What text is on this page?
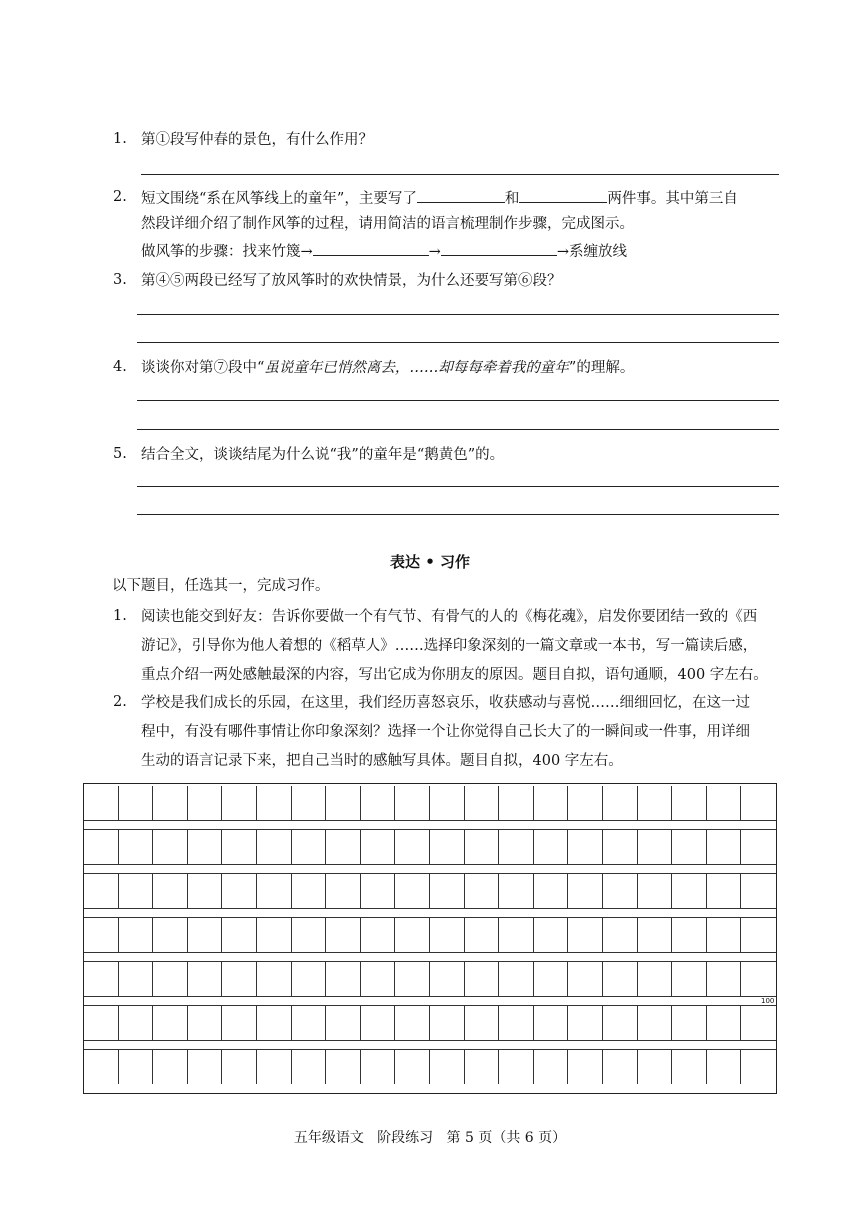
1. 第①段写仲春的景色，有什么作用？
2. 短文围绕“系在风筝线上的童年”，主要写了	和	两件事。其中第三自
然段详细介绍了制作风筝的过程，请用简洁的语言梳理制作步骤，完成图示。
做风筝的步骤：找来竹篾→	→	→系缠放线
3. 第④⑤两段已经写了放风筝时的欢快情景，为什么还要写第⑥段？
4. 谈谈你对第⑦段中“虽说童年已悄然离去，……却每每牵着我的童年”的理解。
5. 结合全文，谈谈结尾为什么说“我”的童年是“鹅黄色”的。
表达 • 习作
以下题目，任选其一，完成习作。
1. 阅读也能交到好友：告诉你要做一个有气节、有骨气的人的《梅花魂》，启发你要团结一致的《西
游记》，引导你为他人着想的《稻草人》……选择印象深刻的一篇文章或一本书，写一篇读后感，
重点介绍一两处感触最深的内容，写出它成为你朋友的原因。题目自拟，语句通顺，400 字左右。
2. 学校是我们成长的乐园，在这里，我们经历喜怒哀乐，收获感动与喜悦……细细回忆，在这一过
程中，有没有哪件事情让你印象深刻？选择一个让你觉得自己长大了的一瞬间或一件事，用详细
生动的语言记录下来，把自己当时的感触写具体。题目自拟，400 字左右。
100
五年级语文   阶段练习   第 5 页（共 6 页）
